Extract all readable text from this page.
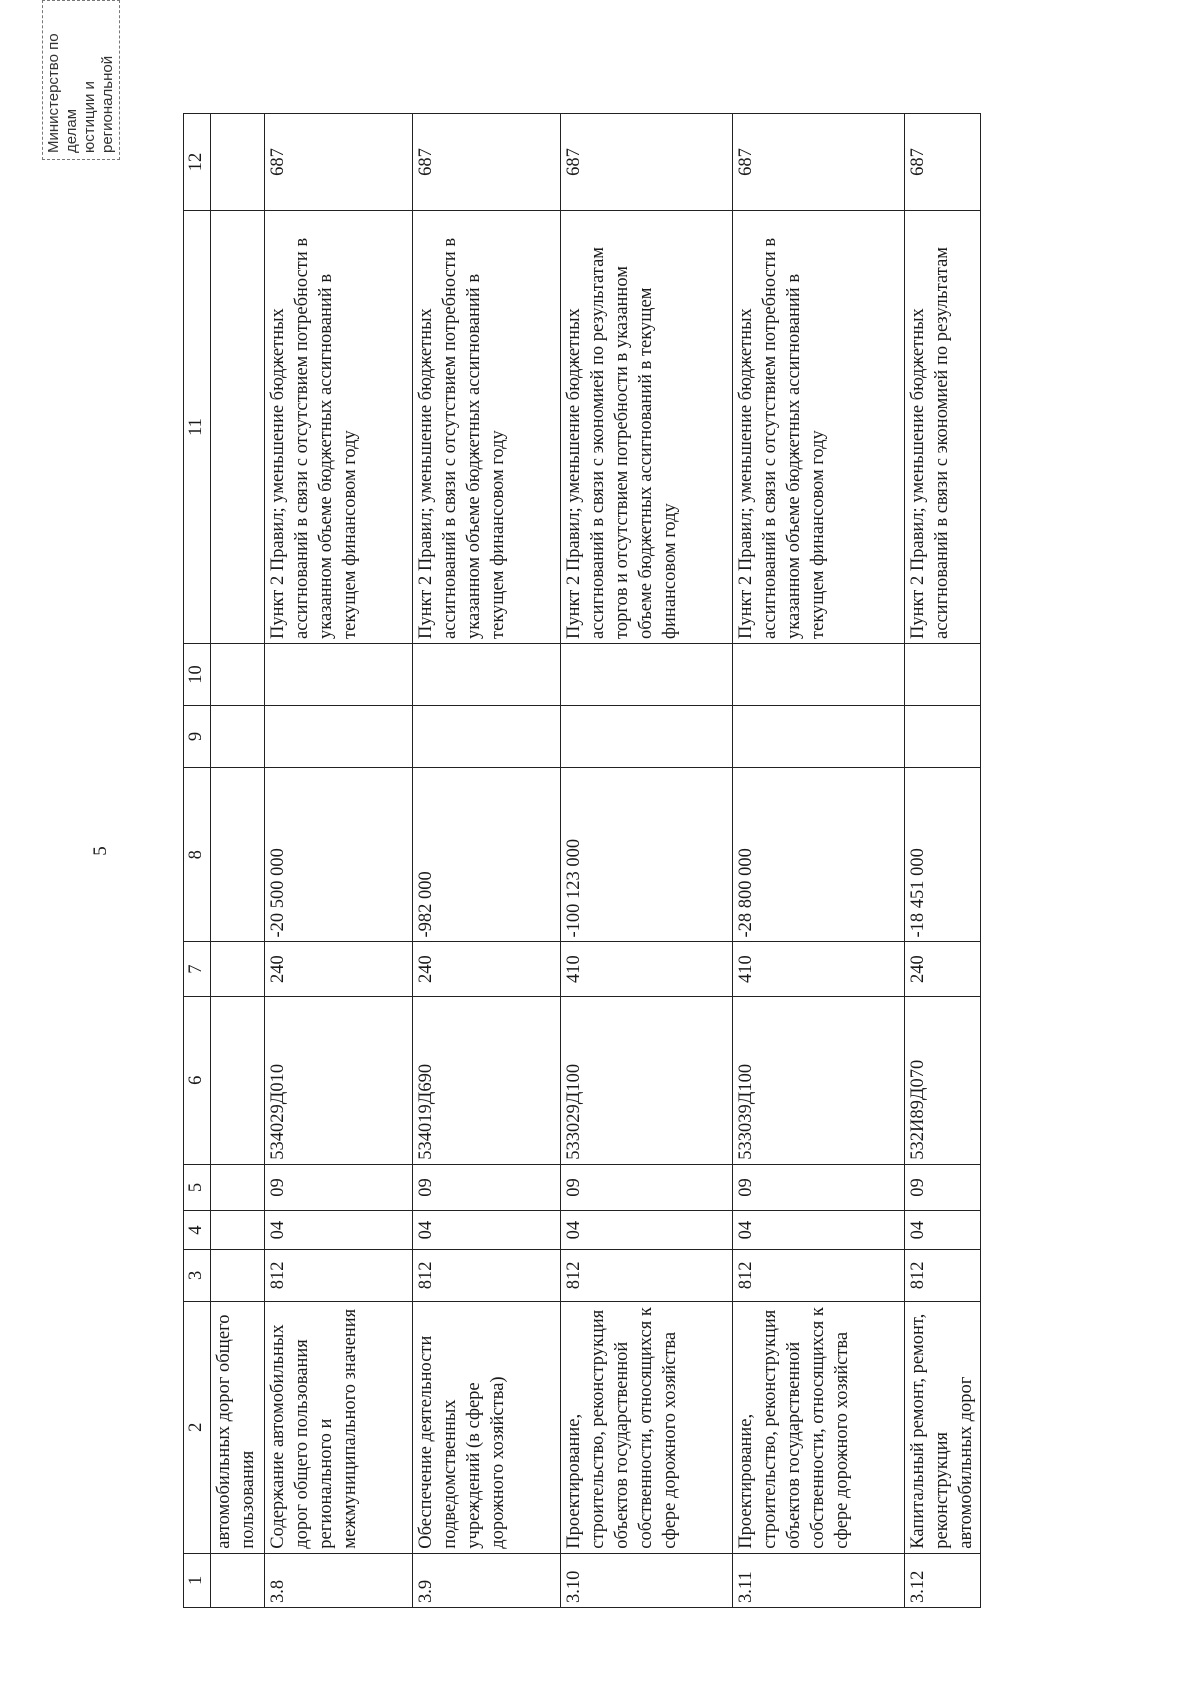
5
1	2	3	4	5	6	7	8	9	10	11	12
	автомобильных дорог общего пользования										
3.8	Содержание автомобильных дорог общего пользования регионального и межмуниципального значения	812	04	09	534029Д010	240	-20 500 000			Пункт 2 Правил; уменьшение бюджетных ассигнований в связи с отсутствием потребности в указанном объеме бюджетных ассигнований в текущем финансовом году	687
3.9	Обеспечение деятельности подведомственных учреждений (в сфере дорожного хозяйства)	812	04	09	534019Д690	240	-982 000			Пункт 2 Правил; уменьшение бюджетных ассигнований в связи с отсутствием потребности в указанном объеме бюджетных ассигнований в текущем финансовом году	687
3.10	Проектирование, строительство, реконструкция объектов государственной собственности, относящихся к сфере дорожного хозяйства	812	04	09	533029Д100	410	-100 123 000			Пункт 2 Правил; уменьшение бюджетных ассигнований в связи с экономией по результатам торгов и отсутствием потребности в указанном объеме бюджетных ассигнований в текущем финансовом году	687
3.11	Проектирование, строительство, реконструкция объектов государственной собственности, относящихся к сфере дорожного хозяйства	812	04	09	533039Д100	410	-28 800 000			Пункт 2 Правил; уменьшение бюджетных ассигнований в связи с отсутствием потребности в указанном объеме бюджетных ассигнований в текущем финансовом году	687
3.12	Капитальный ремонт, ремонт, реконструкция автомобильных дорог	812	04	09	532И89Д070	240	-18 451 000			Пункт 2 Правил; уменьшение бюджетных ассигнований в связи с экономией по результатам	687
Министерство по делам юстиции и региональной
